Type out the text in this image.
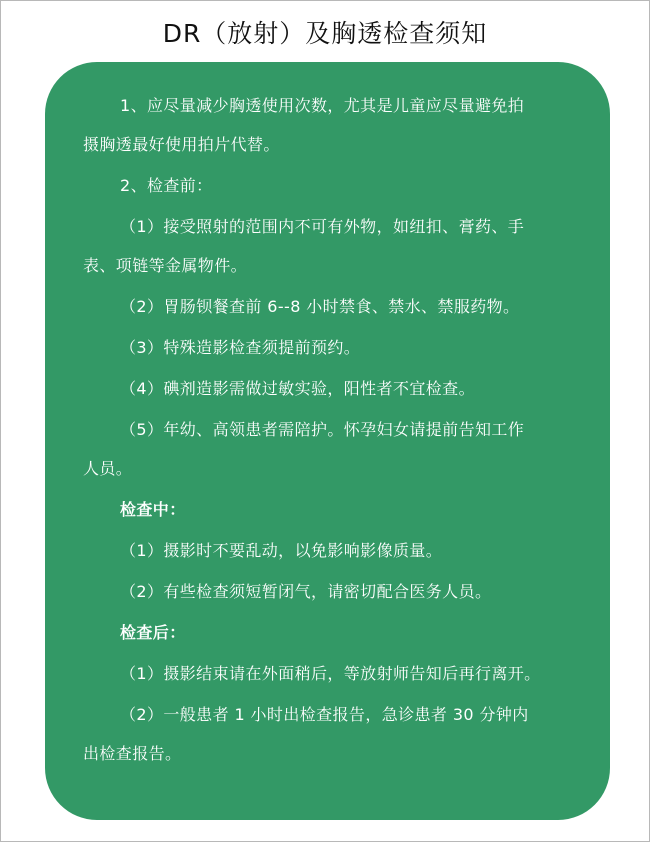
DR（放射）及胸透检查须知
1、应尽量减少胸透使用次数，尤其是儿童应尽量避免拍
摄胸透最好使用拍片代替。
2、检查前：
（1）接受照射的范围内不可有外物，如纽扣、膏药、手
表、项链等金属物件。
（2）胃肠钡餐查前 6--8 小时禁食、禁水、禁服药物。
（3）特殊造影检查须提前预约。
（4）碘剂造影需做过敏实验，阳性者不宜检查。
（5）年幼、高领患者需陪护。怀孕妇女请提前告知工作
人员。
检查中：
（1）摄影时不要乱动，以免影响影像质量。
（2）有些检查须短暂闭气，请密切配合医务人员。
检查后：
（1）摄影结束请在外面稍后，等放射师告知后再行离开。
（2）一般患者 1 小时出检查报告，急诊患者 30 分钟内
出检查报告。
